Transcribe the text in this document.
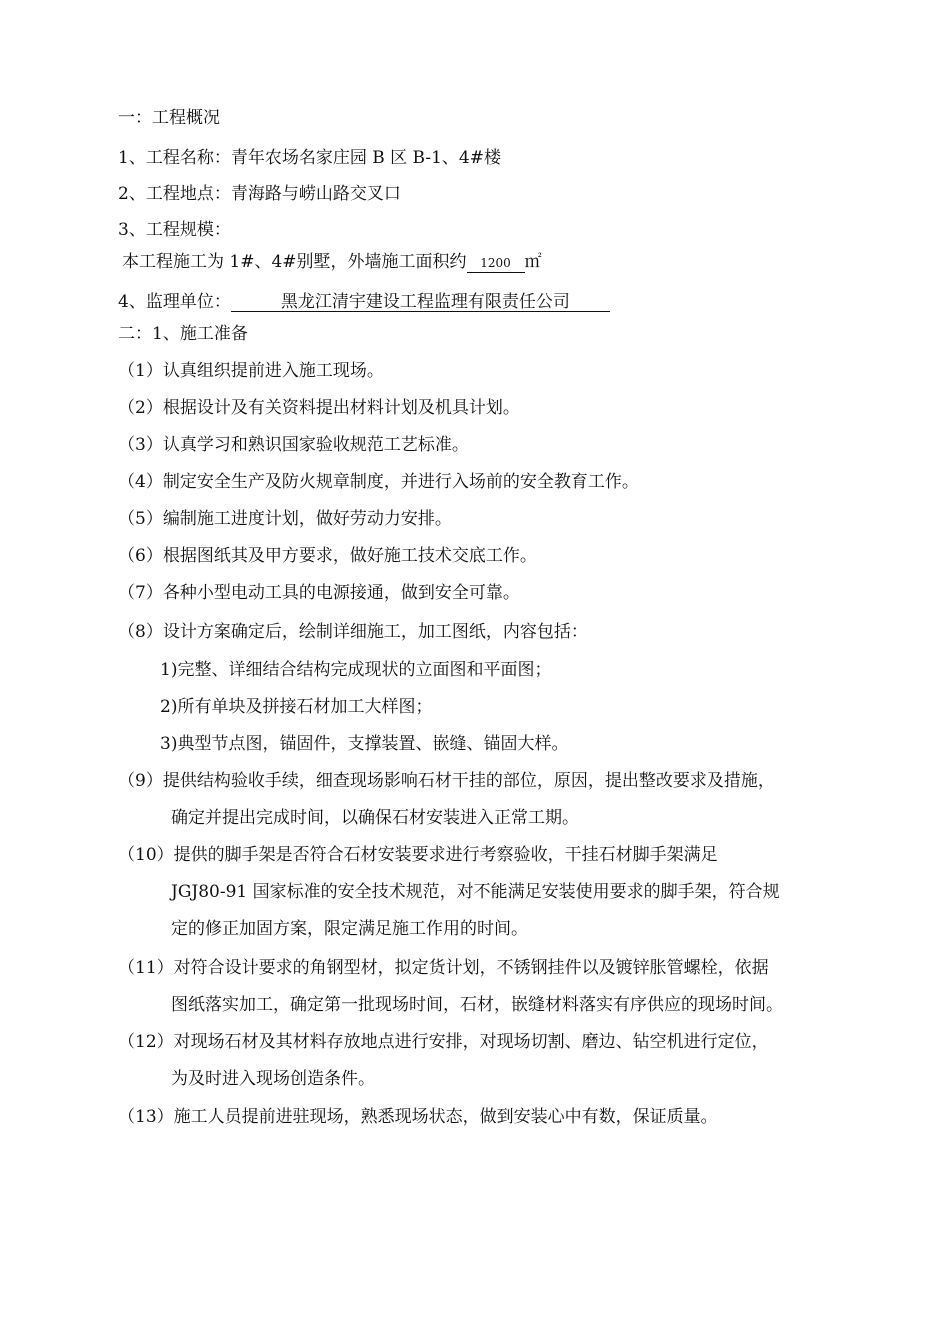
一：工程概况

1、工程名称：青年农场名家庄园 B 区 B-1、4#楼

2、工程地点：青海路与崂山路交叉口

3、工程规模：

本工程施工为 1#、4#别墅，外墙施工面积约 1200 ㎡

4、监理单位：	黑龙江清宇建设工程监理有限责任公司

二：1、施工准备

（1）认真组织提前进入施工现场。

（2）根据设计及有关资料提出材料计划及机具计划。

（3）认真学习和熟识国家验收规范工艺标准。

（4）制定安全生产及防火规章制度，并进行入场前的安全教育工作。

（5）编制施工进度计划，做好劳动力安排。

（6）根据图纸其及甲方要求，做好施工技术交底工作。

（7）各种小型电动工具的电源接通，做到安全可靠。

（8）设计方案确定后，绘制详细施工，加工图纸，内容包括：

1)完整、详细结合结构完成现状的立面图和平面图；

2)所有单块及拼接石材加工大样图；

3)典型节点图，锚固件，支撑装置、嵌缝、锚固大样。

（9）提供结构验收手续，细查现场影响石材干挂的部位，原因，提出整改要求及措施，

确定并提出完成时间，以确保石材安装进入正常工期。

（10）提供的脚手架是否符合石材安装要求进行考察验收，干挂石材脚手架满足

JGJ80-91 国家标准的安全技术规范，对不能满足安装使用要求的脚手架，符合规

定的修正加固方案，限定满足施工作用的时间。

（11）对符合设计要求的角钢型材，拟定货计划，不锈钢挂件以及镀锌胀管螺栓，依据

图纸落实加工，确定第一批现场时间，石材，嵌缝材料落实有序供应的现场时间。

（12）对现场石材及其材料存放地点进行安排，对现场切割、磨边、钻空机进行定位，

为及时进入现场创造条件。

（13）施工人员提前进驻现场，熟悉现场状态，做到安装心中有数，保证质量。
